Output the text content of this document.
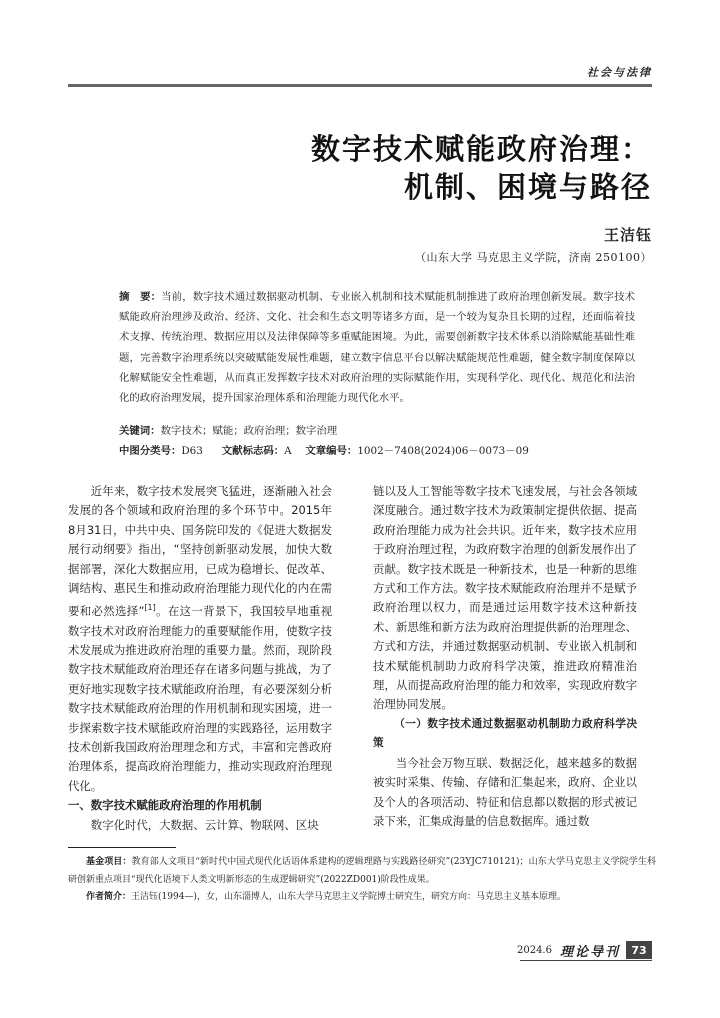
社会与法律
数字技术赋能政府治理：
机制、困境与路径
王洁钰
（山东大学 马克思主义学院，济南 250100）
摘　要：当前，数字技术通过数据驱动机制、专业嵌入机制和技术赋能机制推进了政府治理创新发展。数字技术赋能政府治理涉及政治、经济、文化、社会和生态文明等诸多方面，是一个较为复杂且长期的过程，还面临着技术支撑、传统治理、数据应用以及法律保障等多重赋能困境。为此，需要创新数字技术体系以消除赋能基础性难题，完善数字治理系统以突破赋能发展性难题，建立数字信息平台以解决赋能规范性难题，健全数字制度保障以化解赋能安全性难题，从而真正发挥数字技术对政府治理的实际赋能作用，实现科学化、现代化、规范化和法治化的政府治理发展，提升国家治理体系和治理能力现代化水平。
关键词：数字技术；赋能；政府治理；数字治理
中图分类号：D63    文献标志码：A   文章编号：1002－7408(2024)06－0073－09

近年来，数字技术发展突飞猛进，逐渐融入社会发展的各个领域和政府治理的多个环节中。2015年8月31日，中共中央、国务院印发的《促进大数据发展行动纲要》指出，“坚持创新驱动发展，加快大数据部署，深化大数据应用，已成为稳增长、促改革、调结构、惠民生和推动政府治理能力现代化的内在需要和必然选择”[1]。在这一背景下，我国较早地重视数字技术对政府治理能力的重要赋能作用，使数字技术发展成为推进政府治理的重要力量。然而，现阶段数字技术赋能政府治理还存在诸多问题与挑战，为了更好地实现数字技术赋能政府治理，有必要深刻分析数字技术赋能政府治理的作用机制和现实困境，进一步探索数字技术赋能政府治理的实践路径，运用数字技术创新我国政府治理理念和方式，丰富和完善政府治理体系，提高政府治理能力，推动实现政府治理现代化。

一、数字技术赋能政府治理的作用机制

数字化时代，大数据、云计算、物联网、区块

链以及人工智能等数字技术飞速发展，与社会各领域深度融合。通过数字技术为政策制定提供依据、提高政府治理能力成为社会共识。近年来，数字技术应用于政府治理过程，为政府数字治理的创新发展作出了贡献。数字技术既是一种新技术，也是一种新的思维方式和工作方法。数字技术赋能政府治理并不是赋予政府治理以权力，而是通过运用数字技术这种新技术、新思维和新方法为政府治理提供新的治理理念、方式和方法，并通过数据驱动机制、专业嵌入机制和技术赋能机制助力政府科学决策，推进政府精准治理，从而提高政府治理的能力和效率，实现政府数字治理协同发展。

（一）数字技术通过数据驱动机制助力政府科学决策

当今社会万物互联、数据泛化，越来越多的数据被实时采集、传输、存储和汇集起来，政府、企业以及个人的各项活动、特征和信息都以数据的形式被记录下来，汇集成海量的信息数据库。通过数

基金项目：教育部人文项目“新时代中国式现代化话语体系建构的逻辑理路与实践路径研究”(23YJC710121)；山东大学马克思主义学院学生科研创新重点项目“现代化语境下人类文明新形态的生成逻辑研究”(2022ZD001)阶段性成果。

作者简介：王洁钰(1994—)，女，山东淄博人，山东大学马克思主义学院博士研究生，研究方向：马克思主义基本原理。

2024.6 理论导刊	73
